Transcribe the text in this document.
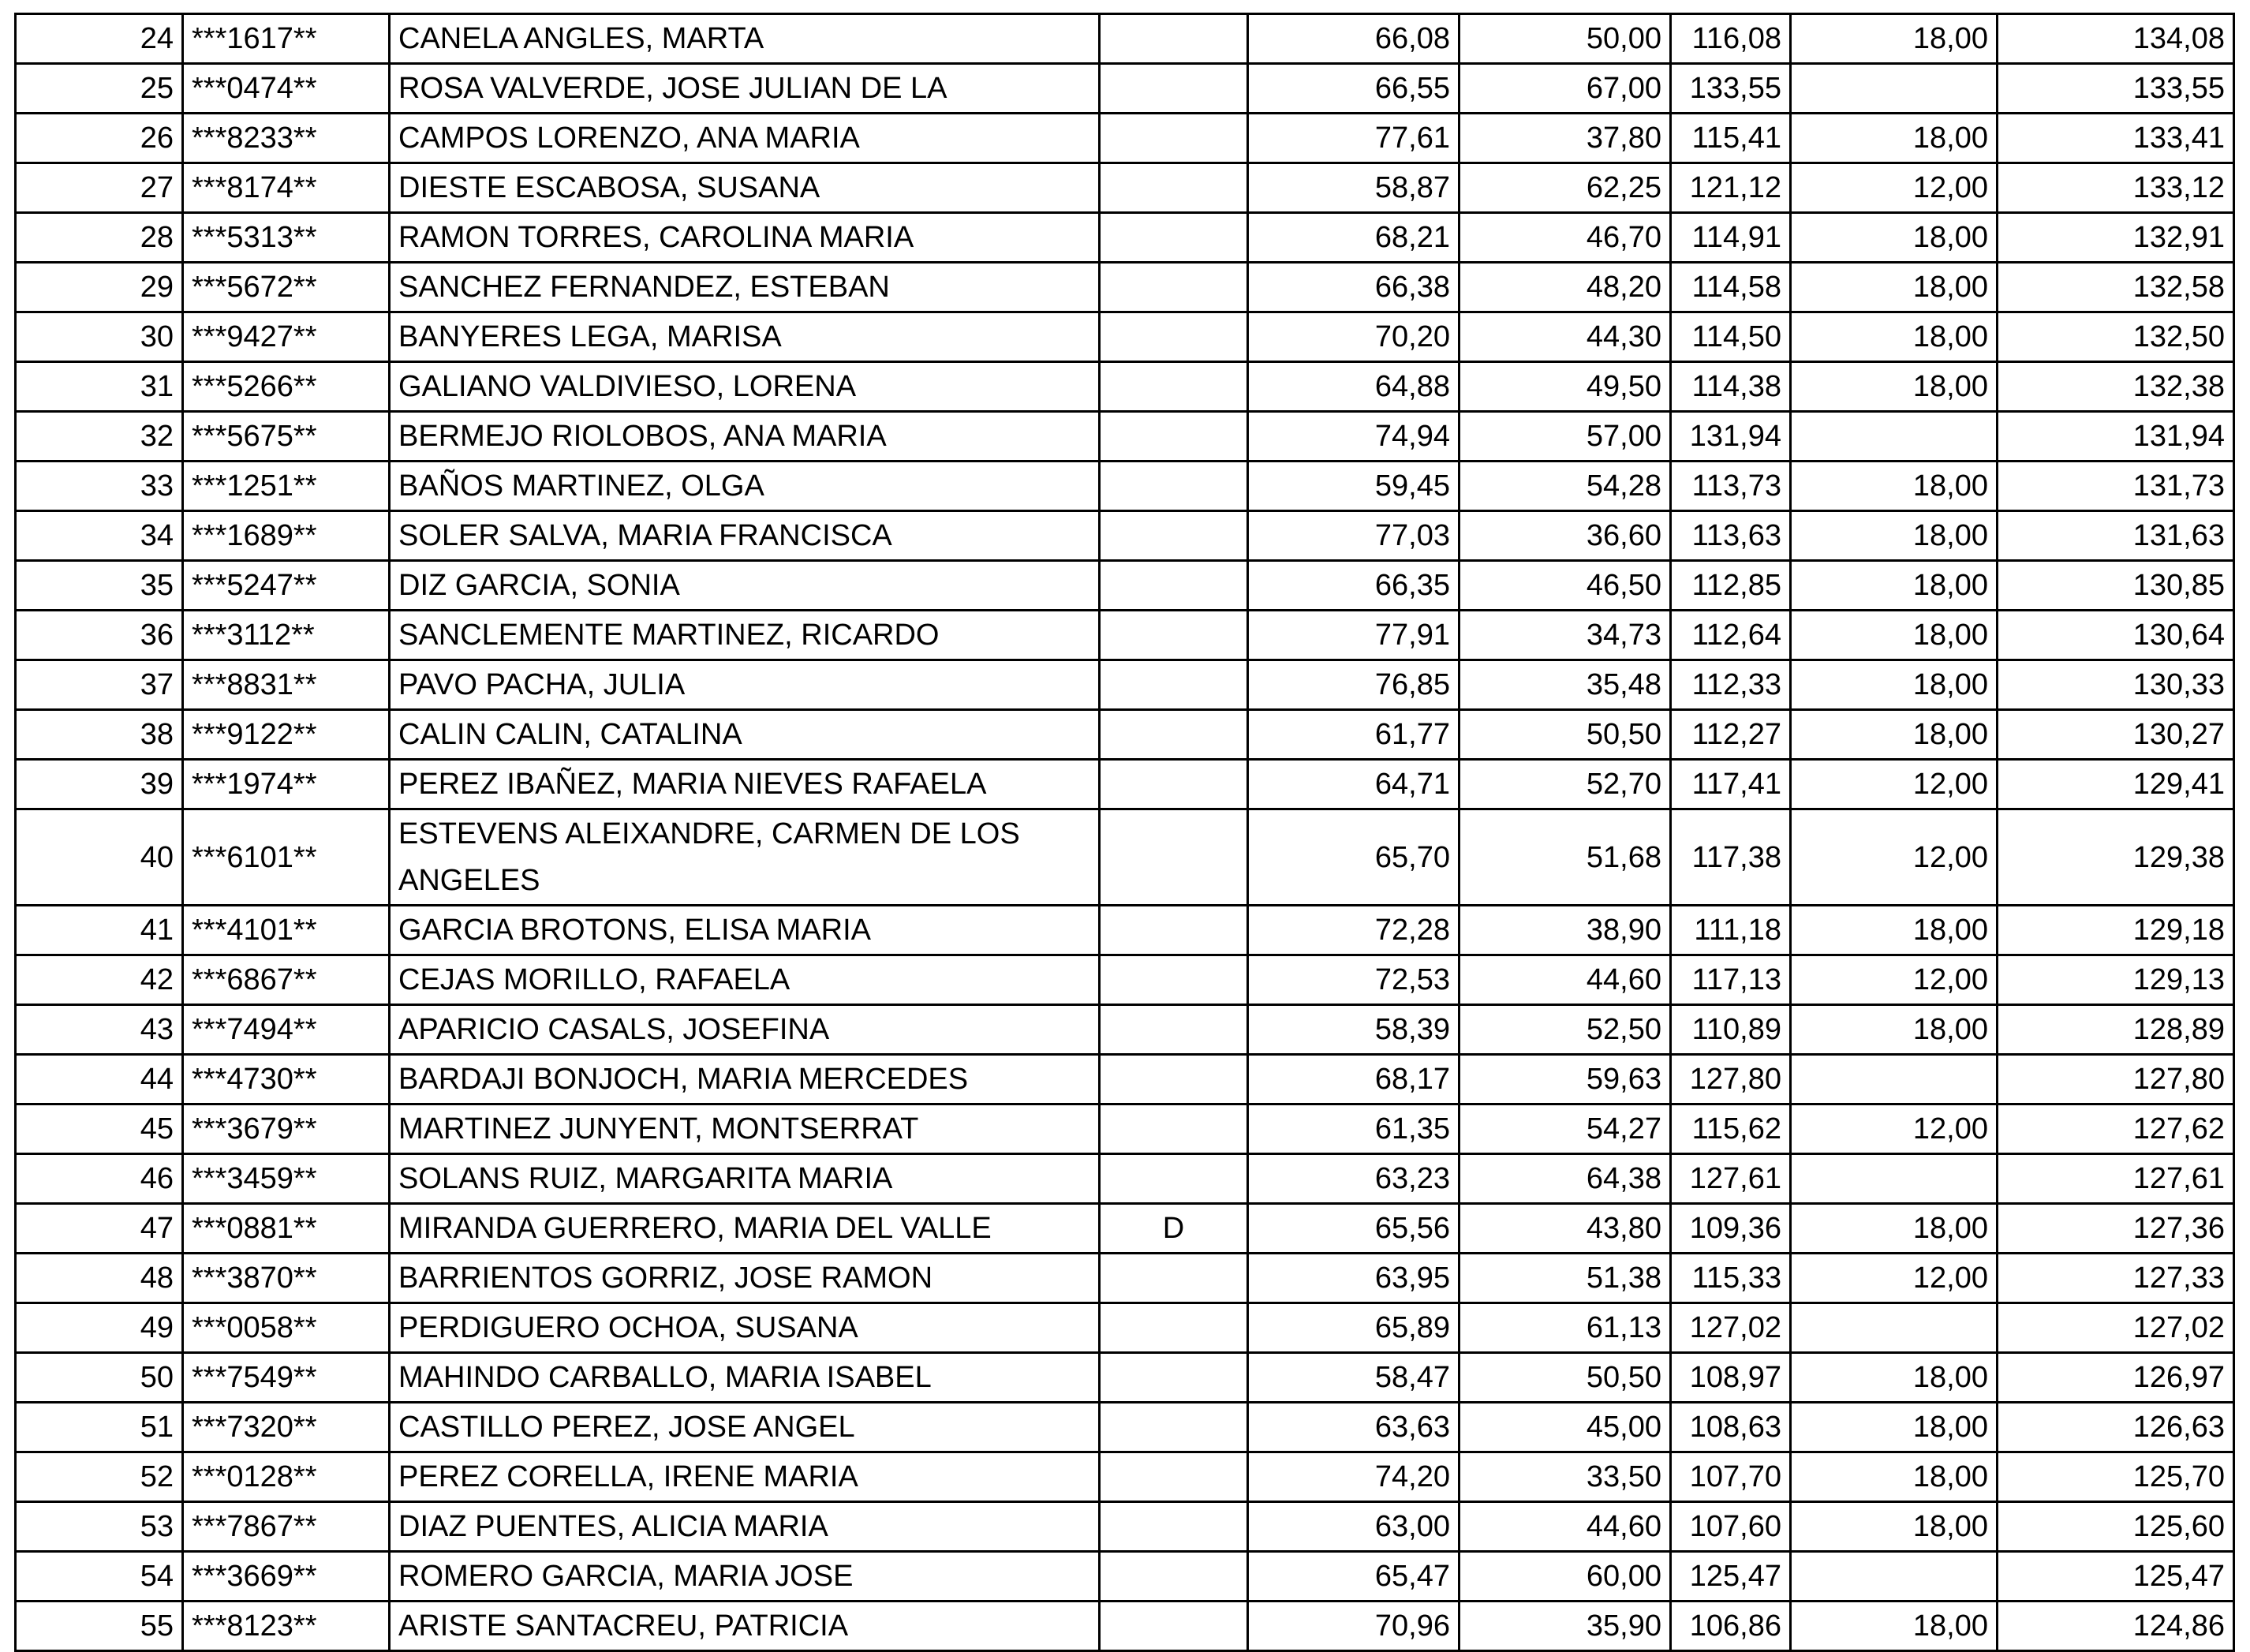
24	***1617**	CANELA ANGLES, MARTA		66,08	50,00	116,08	18,00	134,08
25	***0474**	ROSA VALVERDE, JOSE JULIAN DE LA		66,55	67,00	133,55		133,55
26	***8233**	CAMPOS LORENZO, ANA MARIA		77,61	37,80	115,41	18,00	133,41
27	***8174**	DIESTE ESCABOSA, SUSANA		58,87	62,25	121,12	12,00	133,12
28	***5313**	RAMON TORRES, CAROLINA MARIA		68,21	46,70	114,91	18,00	132,91
29	***5672**	SANCHEZ FERNANDEZ, ESTEBAN		66,38	48,20	114,58	18,00	132,58
30	***9427**	BANYERES LEGA, MARISA		70,20	44,30	114,50	18,00	132,50
31	***5266**	GALIANO VALDIVIESO, LORENA		64,88	49,50	114,38	18,00	132,38
32	***5675**	BERMEJO RIOLOBOS, ANA MARIA		74,94	57,00	131,94		131,94
33	***1251**	BAÑOS MARTINEZ, OLGA		59,45	54,28	113,73	18,00	131,73
34	***1689**	SOLER SALVA, MARIA FRANCISCA		77,03	36,60	113,63	18,00	131,63
35	***5247**	DIZ GARCIA, SONIA		66,35	46,50	112,85	18,00	130,85
36	***3112**	SANCLEMENTE MARTINEZ, RICARDO		77,91	34,73	112,64	18,00	130,64
37	***8831**	PAVO PACHA, JULIA		76,85	35,48	112,33	18,00	130,33
38	***9122**	CALIN CALIN, CATALINA		61,77	50,50	112,27	18,00	130,27
39	***1974**	PEREZ IBAÑEZ, MARIA NIEVES RAFAELA		64,71	52,70	117,41	12,00	129,41
40	***6101**	ESTEVENS ALEIXANDRE, CARMEN DE LOS ANGELES		65,70	51,68	117,38	12,00	129,38
41	***4101**	GARCIA BROTONS, ELISA MARIA		72,28	38,90	111,18	18,00	129,18
42	***6867**	CEJAS MORILLO, RAFAELA		72,53	44,60	117,13	12,00	129,13
43	***7494**	APARICIO CASALS, JOSEFINA		58,39	52,50	110,89	18,00	128,89
44	***4730**	BARDAJI BONJOCH, MARIA MERCEDES		68,17	59,63	127,80		127,80
45	***3679**	MARTINEZ JUNYENT, MONTSERRAT		61,35	54,27	115,62	12,00	127,62
46	***3459**	SOLANS RUIZ, MARGARITA MARIA		63,23	64,38	127,61		127,61
47	***0881**	MIRANDA GUERRERO, MARIA DEL VALLE	D	65,56	43,80	109,36	18,00	127,36
48	***3870**	BARRIENTOS GORRIZ, JOSE RAMON		63,95	51,38	115,33	12,00	127,33
49	***0058**	PERDIGUERO OCHOA, SUSANA		65,89	61,13	127,02		127,02
50	***7549**	MAHINDO CARBALLO, MARIA ISABEL		58,47	50,50	108,97	18,00	126,97
51	***7320**	CASTILLO PEREZ, JOSE ANGEL		63,63	45,00	108,63	18,00	126,63
52	***0128**	PEREZ CORELLA, IRENE MARIA		74,20	33,50	107,70	18,00	125,70
53	***7867**	DIAZ PUENTES, ALICIA MARIA		63,00	44,60	107,60	18,00	125,60
54	***3669**	ROMERO GARCIA, MARIA JOSE		65,47	60,00	125,47		125,47
55	***8123**	ARISTE SANTACREU, PATRICIA		70,96	35,90	106,86	18,00	124,86
